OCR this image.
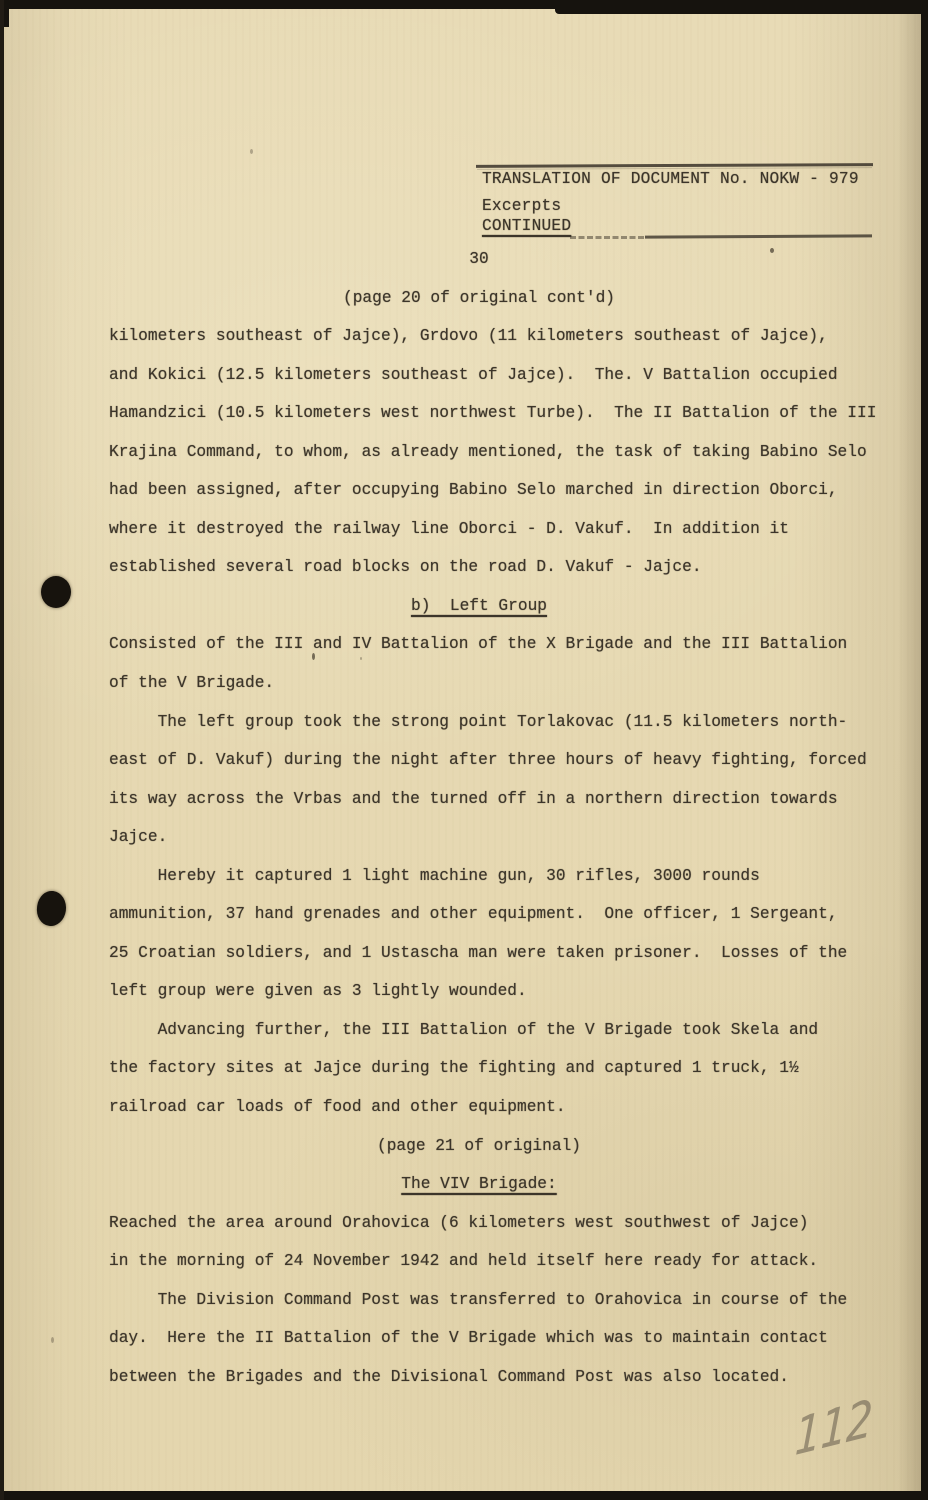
TRANSLATION OF DOCUMENT No. NOKW - 979
Excerpts
CONTINUED
30
(page 20 of original cont'd)
kilometers southeast of Jajce), Grdovo (11 kilometers southeast of Jajce),
and Kokici (12.5 kilometers southeast of Jajce).  The. V Battalion occupied
Hamandzici (10.5 kilometers west northwest Turbe).  The II Battalion of the III
Krajina Command, to whom, as already mentioned, the task of taking Babino Selo
had been assigned, after occupying Babino Selo marched in direction Oborci,
where it destroyed the railway line Oborci - D. Vakuf.  In addition it
established several road blocks on the road D. Vakuf - Jajce.
b)  Left Group
Consisted of the III and IV Battalion of the X Brigade and the III Battalion
of the V Brigade.
The left group took the strong point Torlakovac (11.5 kilometers north-
east of D. Vakuf) during the night after three hours of heavy fighting, forced
its way across the Vrbas and the turned off in a northern direction towards
Jajce.
Hereby it captured 1 light machine gun, 30 rifles, 3000 rounds
ammunition, 37 hand grenades and other equipment.  One officer, 1 Sergeant,
25 Croatian soldiers, and 1 Ustascha man were taken prisoner.  Losses of the
left group were given as 3 lightly wounded.
Advancing further, the III Battalion of the V Brigade took Skela and
the factory sites at Jajce during the fighting and captured 1 truck, 1½
railroad car loads of food and other equipment.
(page 21 of original)
The VIV Brigade:
Reached the area around Orahovica (6 kilometers west southwest of Jajce)
in the morning of 24 November 1942 and held itself here ready for attack.
The Division Command Post was transferred to Orahovica in course of the
day.  Here the II Battalion of the V Brigade which was to maintain contact
between the Brigades and the Divisional Command Post was also located.
112
